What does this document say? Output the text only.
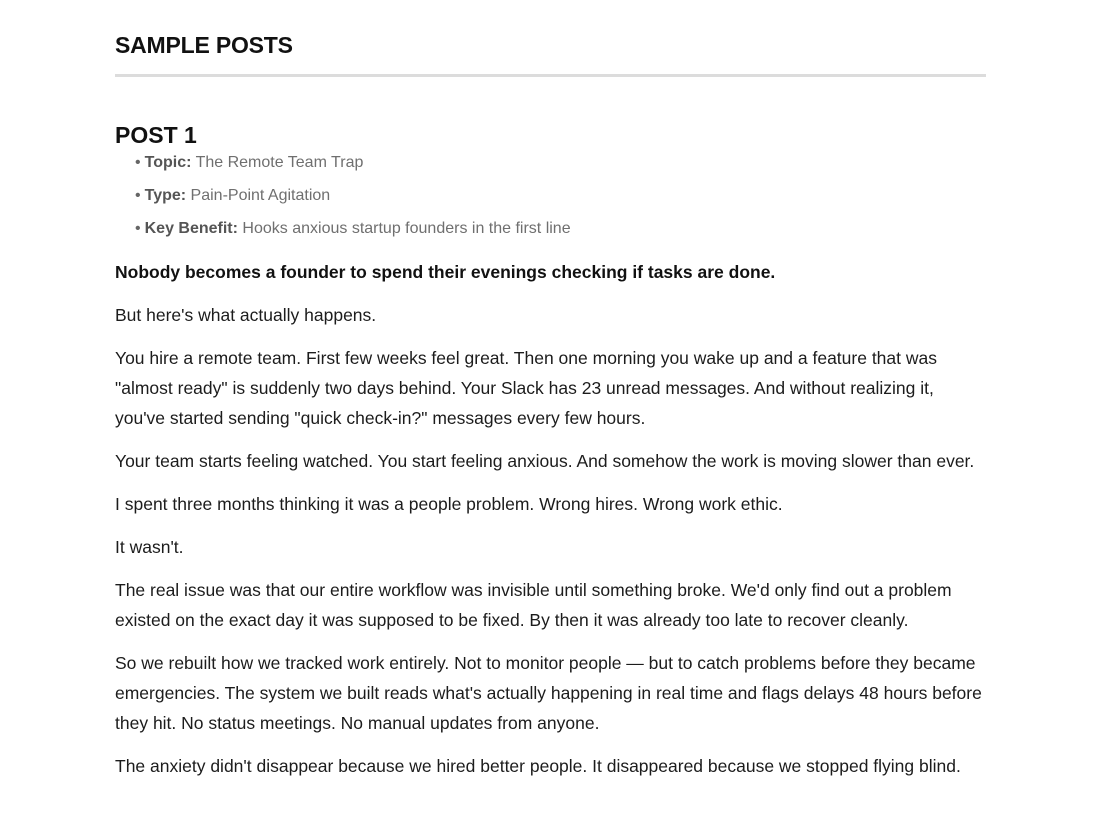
SAMPLE POSTS
POST 1
• Topic: The Remote Team Trap
• Type: Pain-Point Agitation
• Key Benefit: Hooks anxious startup founders in the first line

Nobody becomes a founder to spend their evenings checking if tasks are done.

But here's what actually happens.

You hire a remote team. First few weeks feel great. Then one morning you wake up and a feature that was "almost ready" is suddenly two days behind. Your Slack has 23 unread messages. And without realizing it, you've started sending "quick check-in?" messages every few hours.

Your team starts feeling watched. You start feeling anxious. And somehow the work is moving slower than ever.

I spent three months thinking it was a people problem. Wrong hires. Wrong work ethic.

It wasn't.

The real issue was that our entire workflow was invisible until something broke. We'd only find out a problem existed on the exact day it was supposed to be fixed. By then it was already too late to recover cleanly.

So we rebuilt how we tracked work entirely. Not to monitor people — but to catch problems before they became emergencies. The system we built reads what's actually happening in real time and flags delays 48 hours before they hit. No status meetings. No manual updates from anyone.

The anxiety didn't disappear because we hired better people. It disappeared because we stopped flying blind.
